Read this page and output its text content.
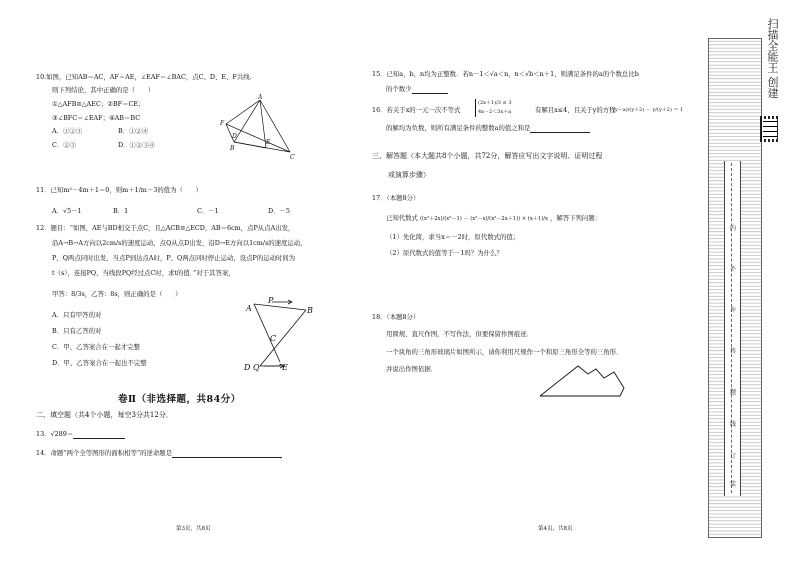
10.如图，已知AB＝AC，AF＝AE，∠EAF＝∠BAC，点C、D、E、F共线.
则下列结论，其中正确的是（　　）
①△AFB≌△AEC；②BF＝CE；
③∠BFC＝∠EAF；④AB＝BC
A．①②③	B．①②④
C．②③	D．①②③④
A
F
D
E
B
C
11．已知m²－4m＋1＝0，则m＋1/m－3的值为（　　）
A．√5－1	B．1	C．－1	D．－5
12．题目：“如图，AE与BD相交于点C，且△ACB≌△ECD，AB＝6cm，点P从点A出发，
沿A→B→A方向以2cm/s的速度运动，点Q从点D出发，沿D→E方向以1cm/s的速度运动，
P、Q两点同时出发，当点P到达点A时，P、Q两点同时停止运动，设点P的运动时间为
t（s），连接PQ，当线段PQ经过点C时，求t的值．”对于其答案，
甲答：8/3s，乙答：8s，则正确的是（　　）
A．只有甲答的对
B．只有乙答的对
C．甲、乙答案合在一起才完整
D．甲、乙答案合在一起也不完整
A
P
B
C
D Q	E
卷Ⅱ（非选择题，共84分）
二、填空题（共4个小题，每空3分共12分．
13．√289＝
14．命题“两个全等图形的面积相等”的逆命题是
第3页，共8页
15．已知a，b，n均为正整数．若n－1＜√a＜n，n＜√b＜n＋1，则满足条件的a的个数总比b
的个数少
16．若关于x的一元一次不等式
(2x＋1)/3 ≤ 3
4x－2＜3x＋a	有解且x≤4，且关于y的方程
(y－a)/(y＋2) － y/(y＋2) ＝ 1
的解均为负数，则所有满足条件的整数a的值之和是
三、解答题（本大题共8个小题，共72分，解答应写出文字说明、证明过程
或演算步骤）
17．（本题8分）
已知代数式 ((x²＋2x)/(x²－1) － (x²－x)/(x²－2x＋1)) × (x＋1)/x ，解答下列问题：
（1）先化简，求当x＝－2时，原代数式的值；
（2）原代数式的值等于－1吗？为什么？
18．（本题8分）
用圆规、直尺作图，不写作法，但要保留作图痕迹．
一个块角的三角形玻璃片如图所示，请你利用尺规作一个和原三角形全等的三角形．
并说出作图依据．
第4页，共8页
内
不
许
答
题
线
订
装
扫描全能王 创建
